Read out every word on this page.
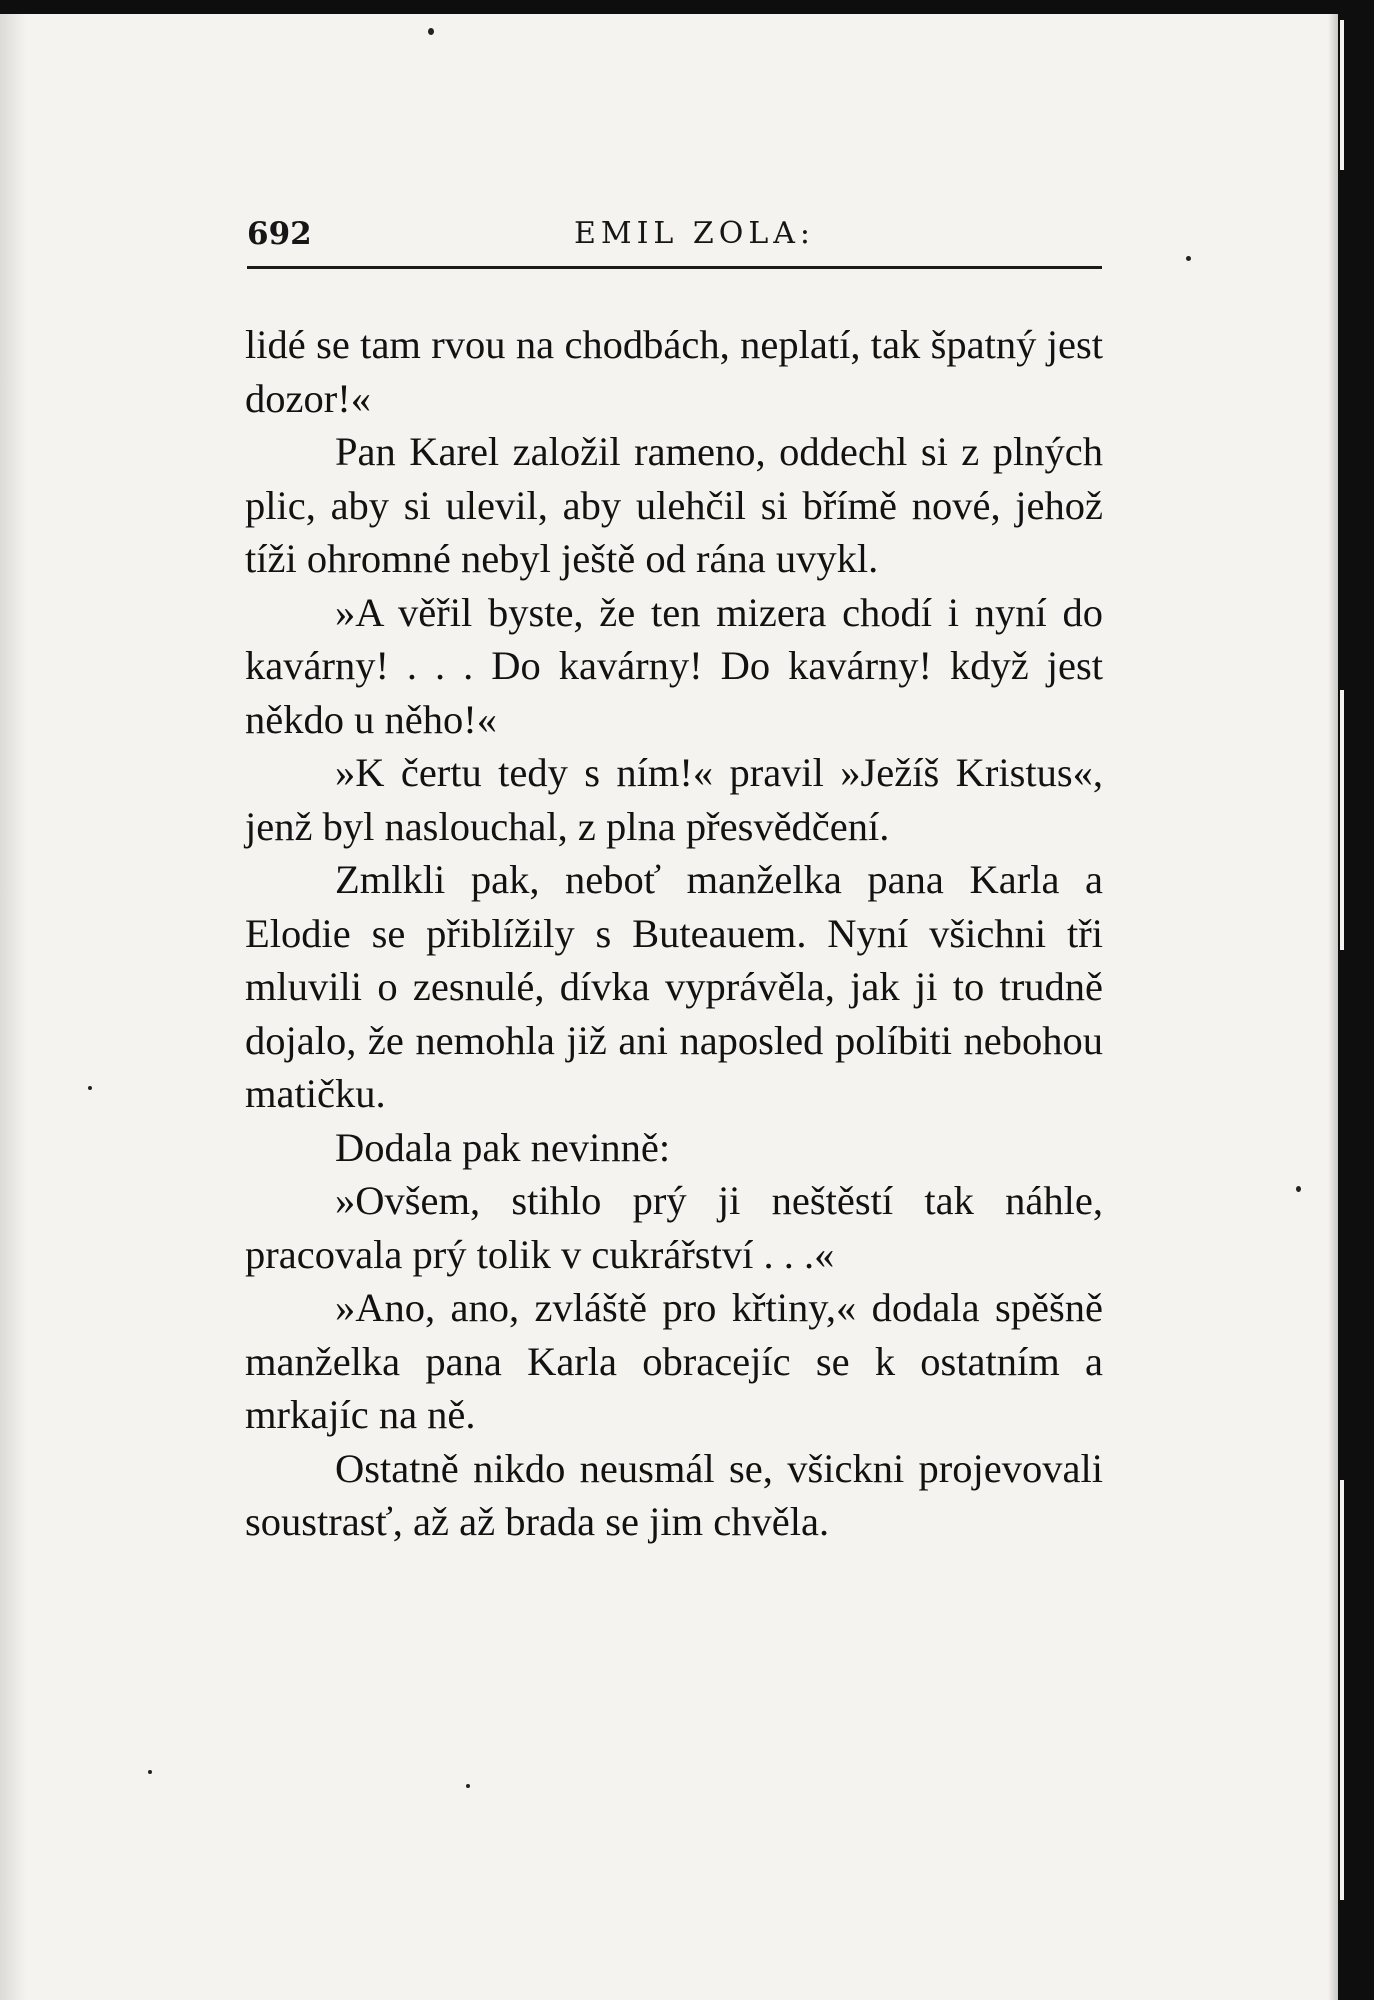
692	EMIL ZOLA:

lidé se tam rvou na chodbách, neplatí, tak špatný jest dozor!«

Pan Karel založil rameno, oddechl si z plných plic, aby si ulevil, aby ulehčil si břímě nové, jehož tíži ohromné nebyl ještě od rána uvykl.

»A věřil byste, že ten mizera chodí i nyní do kavárny! . . . Do kavárny! Do kavárny! když jest někdo u něho!«

»K čertu tedy s ním!« pravil »Ježíš Kristus«, jenž byl naslouchal, z plna přesvědčení.

Zmlkli pak, neboť manželka pana Karla a Elodie se přiblížily s Buteauem. Nyní všichni tři mluvili o zesnulé, dívka vyprávěla, jak ji to trudně dojalo, že nemohla již ani naposled políbiti nebohou matičku.

Dodala pak nevinně:

»Ovšem, stihlo prý ji neštěstí tak náhle, pracovala prý tolik v cukrářství . . .«

»Ano, ano, zvláště pro křtiny,« dodala spěšně manželka pana Karla obracejíc se k ostatním a mrkajíc na ně.

Ostatně nikdo neusmál se, všickni projevovali soustrasť, až až brada se jim chvěla.
